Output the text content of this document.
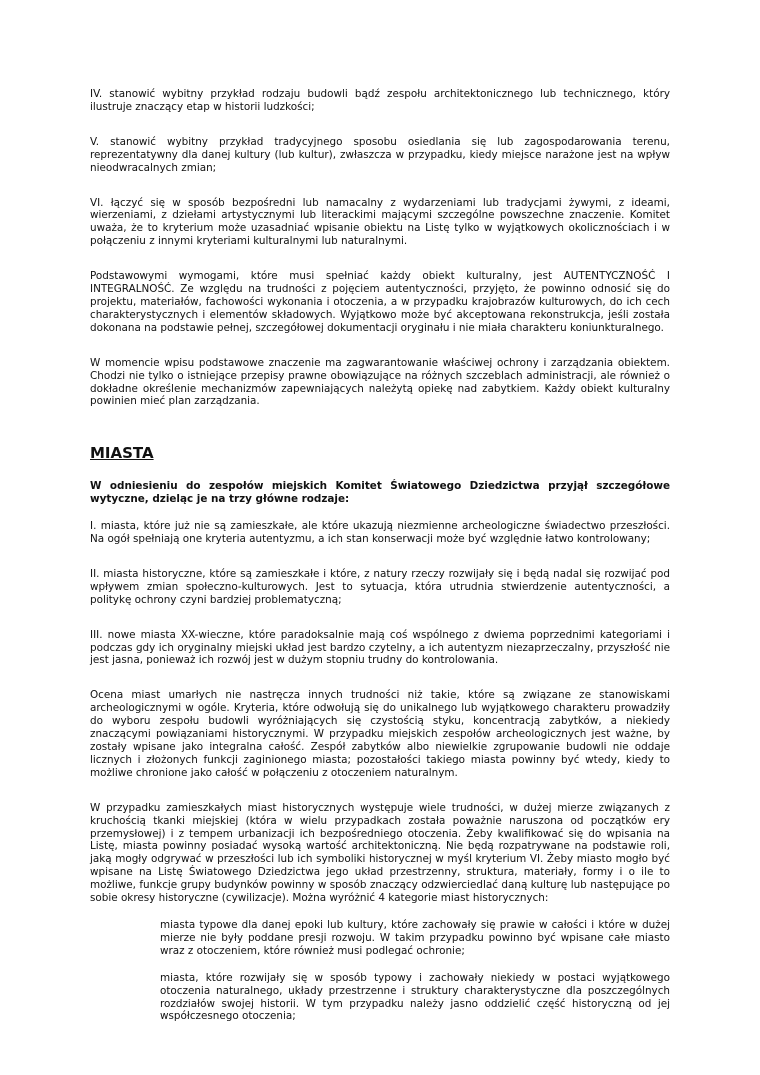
IV. stanowić wybitny przykład rodzaju budowli bądź zespołu architektonicznego lub technicznego, który ilustruje znaczący etap w historii ludzkości;

V. stanowić wybitny przykład tradycyjnego sposobu osiedlania się lub zagospodarowania terenu, reprezentatywny dla danej kultury (lub kultur), zwłaszcza w przypadku, kiedy miejsce narażone jest na wpływ nieodwracalnych zmian;

VI. łączyć się w sposób bezpośredni lub namacalny z wydarzeniami lub tradycjami żywymi, z ideami, wierzeniami, z dziełami artystycznymi lub literackimi mającymi szczególne powszechne znaczenie. Komitet uważa, że to kryterium może uzasadniać wpisanie obiektu na Listę tylko w wyjątkowych okolicznościach i w połączeniu z innymi kryteriami kulturalnymi lub naturalnymi.

Podstawowymi wymogami, które musi spełniać każdy obiekt kulturalny, jest AUTENTYCZNOŚĆ I INTEGRALNOŚĆ. Ze względu na trudności z pojęciem autentyczności, przyjęto, że powinno odnosić się do projektu, materiałów, fachowości wykonania i otoczenia, a w przypadku krajobrazów kulturowych, do ich cech charakterystycznych i elementów składowych. Wyjątkowo może być akceptowana rekonstrukcja, jeśli została dokonana na podstawie pełnej, szczegółowej dokumentacji oryginału i nie miała charakteru koniunkturalnego.

W momencie wpisu podstawowe znaczenie ma zagwarantowanie właściwej ochrony i zarządzania obiektem. Chodzi nie tylko o istniejące przepisy prawne obowiązujące na różnych szczeblach administracji, ale również o dokładne określenie mechanizmów zapewniających należytą opiekę nad zabytkiem. Każdy obiekt kulturalny powinien mieć plan zarządzania.

MIASTA

W odniesieniu do zespołów miejskich Komitet Światowego Dziedzictwa przyjął szczegółowe wytyczne, dzieląc je na trzy główne rodzaje:

I. miasta, które już nie są zamieszkałe, ale które ukazują niezmienne archeologiczne świadectwo przeszłości. Na ogół spełniają one kryteria autentyzmu, a ich stan konserwacji może być względnie łatwo kontrolowany;

II. miasta historyczne, które są zamieszkałe i które, z natury rzeczy rozwijały się i będą nadal się rozwijać pod wpływem zmian społeczno-kulturowych. Jest to sytuacja, która utrudnia stwierdzenie autentyczności, a politykę ochrony czyni bardziej problematyczną;

III. nowe miasta XX-wieczne, które paradoksalnie mają coś wspólnego z dwiema poprzednimi kategoriami i podczas gdy ich oryginalny miejski układ jest bardzo czytelny, a ich autentyzm niezaprzeczalny, przyszłość nie jest jasna, ponieważ ich rozwój jest w dużym stopniu trudny do kontrolowania.

Ocena miast umarłych nie nastręcza innych trudności niż takie, które są związane ze stanowiskami archeologicznymi w ogóle. Kryteria, które odwołują się do unikalnego lub wyjątkowego charakteru prowadziły do wyboru zespołu budowli wyróżniających się czystością styku, koncentracją zabytków, a niekiedy znaczącymi powiązaniami historycznymi. W przypadku miejskich zespołów archeologicznych jest ważne, by zostały wpisane jako integralna całość. Zespół zabytków albo niewielkie zgrupowanie budowli nie oddaje licznych i złożonych funkcji zaginionego miasta; pozostałości takiego miasta powinny być wtedy, kiedy to możliwe chronione jako całość w połączeniu z otoczeniem naturalnym.

W przypadku zamieszkałych miast historycznych występuje wiele trudności, w dużej mierze związanych z kruchością tkanki miejskiej (która w wielu przypadkach została poważnie naruszona od początków ery przemysłowej) i z tempem urbanizacji ich bezpośredniego otoczenia. Żeby kwalifikować się do wpisania na Listę, miasta powinny posiadać wysoką wartość architektoniczną. Nie będą rozpatrywane na podstawie roli, jaką mogły odgrywać w przeszłości lub ich symboliki historycznej w myśl kryterium VI. Żeby miasto mogło być wpisane na Listę Światowego Dziedzictwa jego układ przestrzenny, struktura, materiały, formy i o ile to możliwe, funkcje grupy budynków powinny w sposób znaczący odzwierciedlać daną kulturę lub następujące po sobie okresy historyczne (cywilizacje). Można wyróżnić 4 kategorie miast historycznych:

miasta typowe dla danej epoki lub kultury, które zachowały się prawie w całości i które w dużej mierze nie były poddane presji rozwoju. W takim przypadku powinno być wpisane całe miasto wraz z otoczeniem, które również musi podlegać ochronie;

miasta, które rozwijały się w sposób typowy i zachowały niekiedy w postaci wyjątkowego otoczenia naturalnego, układy przestrzenne i struktury charakterystyczne dla poszczególnych rozdziałów swojej historii. W tym przypadku należy jasno oddzielić część historyczną od jej współczesnego otoczenia;
